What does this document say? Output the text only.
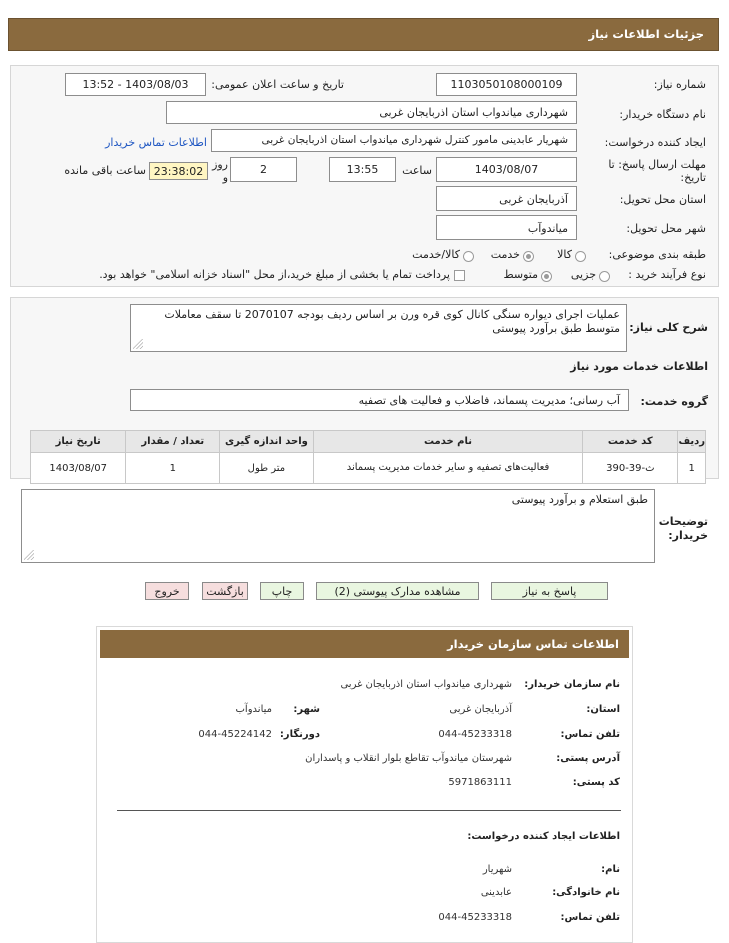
جزئیات اطلاعات نیاز
شماره نیاز:
1103050108000109
تاریخ و ساعت اعلان عمومی:
1403/08/03 - 13:52
نام دستگاه خریدار:
شهرداری میاندواب استان اذربایجان غربی
ایجاد کننده درخواست:
شهریار عابدینی مامور کنترل شهرداری میاندواب استان اذربایجان غربی
اطلاعات تماس خریدار
مهلت ارسال پاسخ: تا
تاریخ:
1403/08/07
ساعت
13:55
2
روز
و
23:38:02
ساعت باقی مانده
استان محل تحویل:
آذربایجان غربی
شهر محل تحویل:
میاندوآب
طبقه بندی موضوعی:
کالا
خدمت
کالا/خدمت
نوع فرآیند خرید :
جزیی
متوسط
پرداخت تمام یا بخشی از مبلغ خرید،از محل "اسناد خزانه اسلامی" خواهد بود.
شرح کلی نیاز:
عملیات اجرای دیواره سنگی کانال کوی قره ورن بر اساس ردیف بودجه 2070107 تا سقف معاملات متوسط طبق برآورد پیوستی
اطلاعات خدمات مورد نیاز
گروه خدمت:
آب رسانی؛ مدیریت پسماند، فاضلاب و فعالیت های تصفیه
ردیف	کد خدمت	نام خدمت	واحد اندازه گیری	تعداد / مقدار	تاریخ نیاز
1	ث-39-390	فعالیت‌های تصفیه و سایر خدمات مدیریت پسماند	متر طول	1	1403/08/07
توضیحات
خریدار:
طبق استعلام و برآورد پیوستی
پاسخ به نیاز
مشاهده مدارک پیوستی (2)
چاپ
بازگشت
خروج
اطلاعات تماس سازمان خریدار
نام سازمان خریدار:
شهرداری میاندواب استان اذربایجان غربی
استان:
آذربایجان غربی
شهر:
میاندوآب
تلفن تماس:
044-45233318
دورنگار:
044-45224142
آدرس پستی:
شهرستان میاندوآب تقاطع بلوار انقلاب و پاسداران
کد پستی:
5971863111
اطلاعات ایجاد کننده درخواست:
نام:
شهریار
نام خانوادگی:
عابدینی
تلفن تماس:
044-45233318
